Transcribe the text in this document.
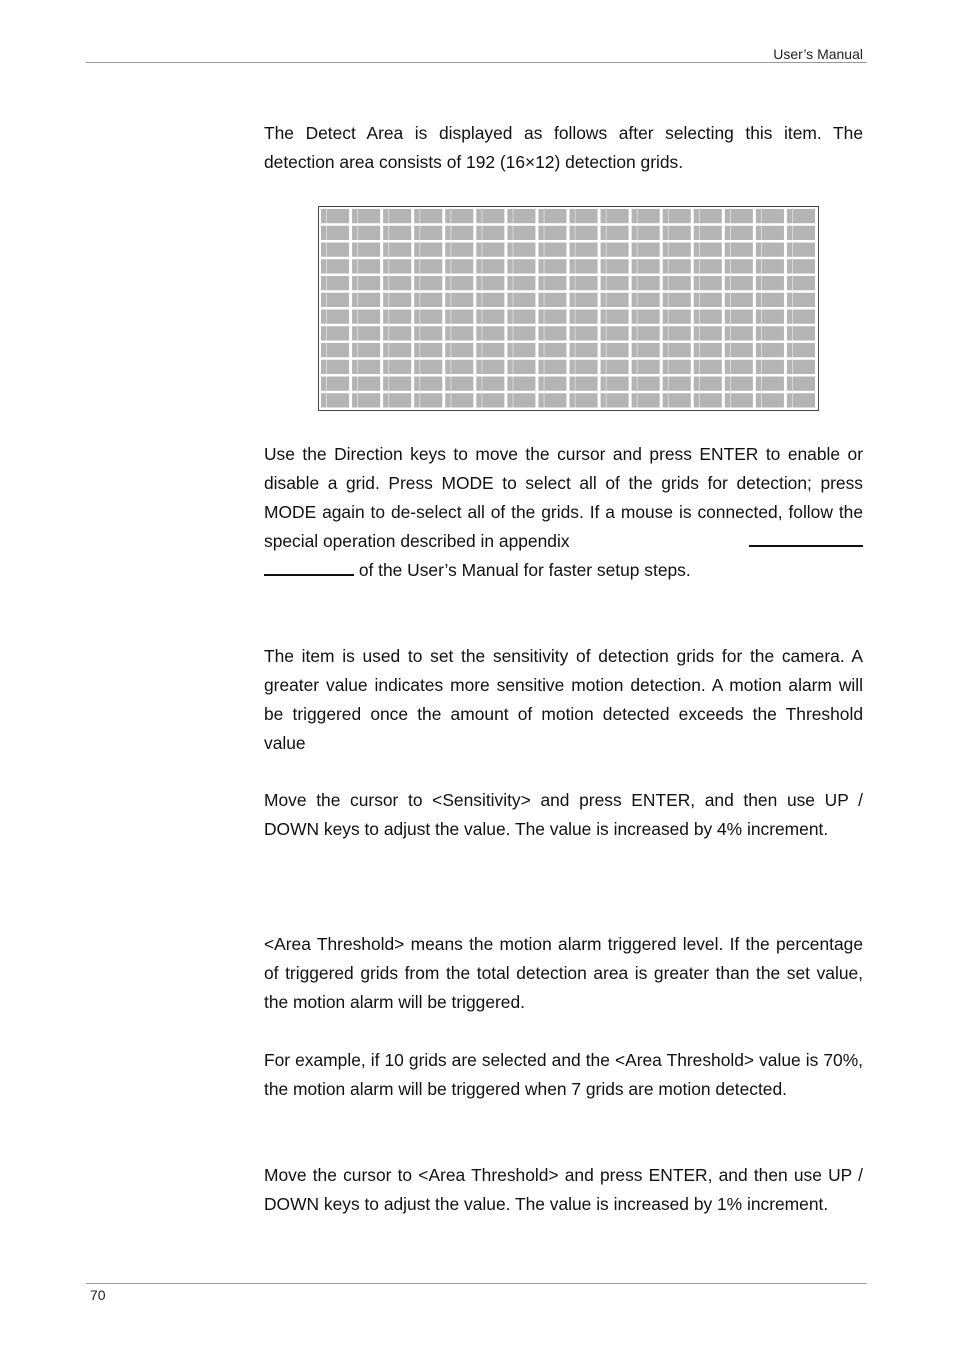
User’s Manual

The Detect Area is displayed as follows after selecting this item. The detection area consists of 192 (16×12) detection grids.

Use the Direction keys to move the cursor and press ENTER to enable or disable a grid. Press MODE to select all of the grids for detection; press MODE again to de-select all of the grids. If a mouse is connected, follow the special operation described in appendix

of the User’s Manual for faster setup steps.

The item is used to set the sensitivity of detection grids for the camera. A greater value indicates more sensitive motion detection. A motion alarm will be triggered once the amount of motion detected exceeds the Threshold value

Move the cursor to <Sensitivity> and press ENTER, and then use UP / DOWN keys to adjust the value. The value is increased by 4% increment.

<Area Threshold> means the motion alarm triggered level. If the percentage of triggered grids from the total detection area is greater than the set value, the motion alarm will be triggered.

For example, if 10 grids are selected and the <Area Threshold> value is 70%, the motion alarm will be triggered when 7 grids are motion detected.

Move the cursor to <Area Threshold> and press ENTER, and then use UP / DOWN keys to adjust the value. The value is increased by 1% increment.

70
